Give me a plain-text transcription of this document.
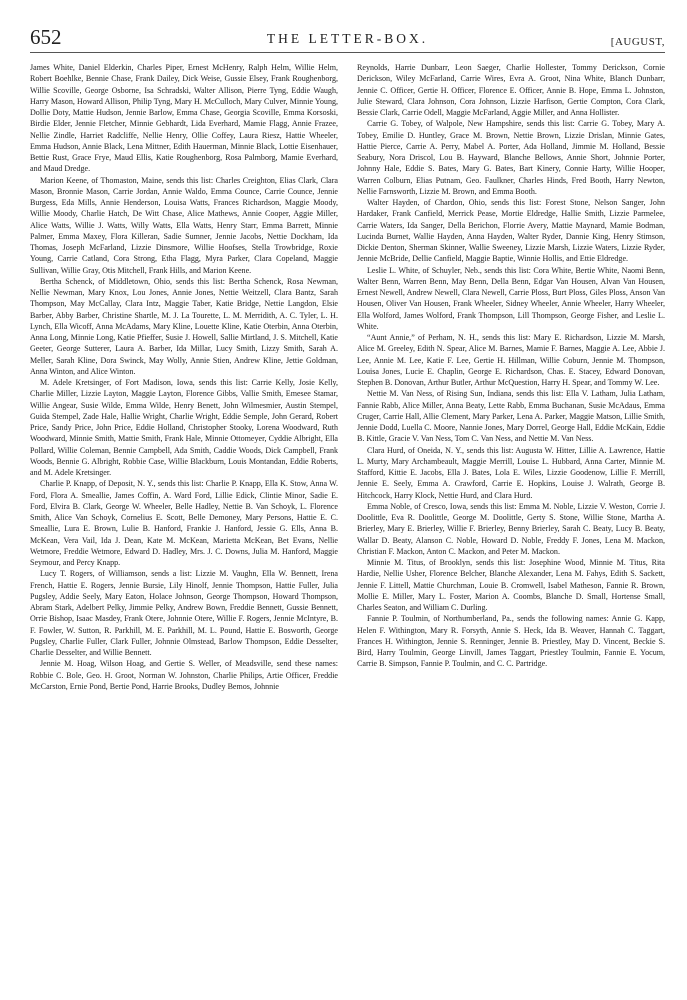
652	THE LETTER-BOX.	[AUGUST,

James White, Daniel Elderkin, Charles Piper, Ernest McHenry, Ralph Helm, Willie Helm, Robert Boehlke, Bennie Chase, Frank Dailey, Dick Weise, Gussie Elsey, Frank Roughenborg, Willie Scoville, George Osborne, Isa Schradski, Walter Allison, Pierre Tyng, Eddie Waugh, Harry Mason, Howard Allison, Philip Tyng, Mary H. McCulloch, Mary Culver, Minnie Young, Dollie Doty, Mattie Hudson, Jennie Barlow, Emma Chase, Georgia Scoville, Emma Korsoski, Birdie Elder, Jennie Fletcher, Minnie Gebhardt, Lida Everhard, Mamie Flagg, Annie Frazee, Nellie Zindle, Harriet Radcliffe, Nellie Henry, Ollie Coffey, Laura Riesz, Hattie Wheeler, Emma Hudson, Annie Black, Lena Mittner, Edith Hauerman, Minnie Black, Lottie Eisenhauer, Bettie Rust, Grace Frye, Maud Ellis, Katie Roughenborg, Rosa Palmborg, Mamie Everhard, and Maud Dredge.

Marion Keene, of Thomaston, Maine, sends this list: Charles Creighton, Elias Clark, Clara Mason, Bronnie Mason, Carrie Jordan, Annie Waldo, Emma Counce, Carrie Counce, Jennie Burgess, Eda Mills, Annie Henderson, Louisa Watts, Frances Richardson, Maggie Moody, Willie Moody, Charlie Hatch, De Witt Chase, Alice Mathews, Annie Cooper, Aggie Miller, Alice Watts, Willie J. Watts, Willy Watts, Ella Watts, Henry Starr, Emma Barrett, Minnie Palmer, Emma Maxey, Flora Killeran, Sadie Sumner, Jennie Jacobs, Nettie Dockham, Ida Thomas, Joseph McFarland, Lizzie Dinsmore, Willie Hoofses, Stella Trowbridge, Roxie Young, Carrie Catland, Cora Strong, Etha Flagg, Myra Parker, Clara Copeland, Maggie Sullivan, Willie Gray, Otis Mitchell, Frank Hills, and Marion Keene.

Bertha Schenck, of Middletown, Ohio, sends this list: Bertha Schenck, Rosa Newman, Nellie Newman, Mary Knox, Lou Jones, Annie Jones, Nettie Weitzell, Clara Bantz, Sarah Thompson, May McCallay, Clara Intz, Maggie Taber, Katie Bridge, Nettie Langdon, Elsie Barber, Abby Barber, Christine Shartle, M. J. La Tourette, L. M. Merridith, A. C. Tyler, L. H. Lynch, Ella Wicoff, Anna McAdams, Mary Kline, Louette Kline, Katie Oterbin, Anna Oterbin, Anna Long, Minnie Long, Katie Pfieffer, Susie J. Howell, Sallie Mirtland, J. S. Mitchell, Katie Geeter, George Sutterer, Laura A. Barber, Ida Millar, Lucy Smith, Lizzy Smith, Sarah A. Meller, Sarah Kline, Dora Swinck, May Wolly, Annie Stien, Andrew Kline, Jettie Goldman, Anna Winton, and Alice Winton.

M. Adele Kretsinger, of Fort Madison, Iowa, sends this list: Carrie Kelly, Josie Kelly, Charlie Miller, Lizzie Layton, Maggie Layton, Florence Gibbs, Vallie Smith, Emesee Stamar, Willie Angear, Susie Wilde, Emma Wilde, Henry Benett, John Wilmesmier, Austin Stempel, Guida Stempel, Zade Hale, Hallie Wright, Charlie Wright, Eddie Semple, John Gerard, Robert Price, Sandy Price, John Price, Eddie Holland, Christopher Stooky, Lorena Woodward, Ruth Woodward, Minnie Smith, Mattie Smith, Frank Hale, Minnie Ottomeyer, Cyddie Albright, Ella Pollard, Willie Coleman, Bennie Campbell, Ada Smith, Caddie Woods, Dick Campbell, Frank Woods, Bennie G. Albright, Robbie Case, Willie Blackburn, Louis Montandan, Eddie Roberts, and M. Adele Kretsinger.

Charlie P. Knapp, of Deposit, N. Y., sends this list: Charlie P. Knapp, Ella K. Stow, Anna W. Ford, Flora A. Smeallie, James Coffin, A. Ward Ford, Lillie Edick, Clintie Minor, Sadie E. Ford, Elvira B. Clark, George W. Wheeler, Belle Hadley, Nettie B. Van Schoyk, L. Florence Smith, Alice Van Schoyk, Cornelius E. Scott, Belle Demoney, Mary Persons, Hattie E. C. Smeallie, Lura E. Brown, Lulie B. Hanford, Frankie J. Hanford, Jessie G. Ells, Anna B. McKean, Vera Vail, Ida J. Dean, Kate M. McKean, Marietta McKean, Bet Evans, Nellie Wetmore, Freddie Wetmore, Edward D. Hadley, Mrs. J. C. Downs, Julia M. Hanford, Maggie Seymour, and Percy Knapp.

Lucy T. Rogers, of Williamson, sends a list: Lizzie M. Vaughn, Ella W. Bennett, Irena French, Hattie E. Rogers, Jennie Bursie, Lily Hinolf, Jennie Thompson, Hattie Fuller, Julia Pugsley, Addie Seely, Mary Eaton, Holace Johnson, George Thompson, Howard Thompson, Abram Stark, Adelbert Pelky, Jimmie Pelky, Andrew Bown, Freddie Bennett, Gussie Bennett, Orrie Bishop, Isaac Masdey, Frank Otere, Johnnie Otere, Willie F. Rogers, Jennie McIntyre, B. F. Fowler, W. Sutton, R. Parkhill, M. E. Parkhill, M. L. Pound, Hattie E. Bosworth, George Pugsley, Charlie Fuller, Clark Fuller, Johnnie Olmstead, Barlow Thompson, Eddie Desselter, Charlie Desselter, and Willie Bennett.

Jennie M. Hoag, Wilson Hoag, and Gertie S. Weller, of Meadsville, send these names: Robbie C. Bole, Geo. H. Groot, Norman W. Johnston, Charlie Philips, Artie Officer, Freddie McCarston, Ernie Pond, Bertie Pond, Harrie Brooks, Dudley Bemos, Johnnie

Reynolds, Harrie Dunbarr, Leon Saeger, Charlie Hollester, Tommy Derickson, Cornie Derickson, Wiley McFarland, Carrie Wires, Evra A. Groot, Nina White, Blanch Dunbarr, Jennie C. Officer, Gertie H. Officer, Florence E. Officer, Annie B. Hope, Emma L. Johnston, Julie Steward, Clara Johnson, Cora Johnson, Lizzie Harfison, Gertie Compton, Cora Clark, Bessie Clark, Carrie Odell, Maggie McFarland, Aggie Miller, and Anna Hollister.

Carrie G. Tobey, of Walpole, New Hampshire, sends this list: Carrie G. Tobey, Mary A. Tobey, Emilie D. Huntley, Grace M. Brown, Nettie Brown, Lizzie Drislan, Minnie Gates, Hattie Pierce, Carrie A. Perry, Mabel A. Porter, Ada Holland, Jimmie M. Holland, Bessie Seabury, Nora Driscol, Lou B. Hayward, Blanche Bellows, Annie Short, Johnnie Porter, Johnny Hale, Eddie S. Bates, Mary G. Bates, Bart Kinery, Connie Harty, Willie Hooper, Warren Colburn, Elias Putnam, Geo. Faulkner, Charles Hinds, Fred Booth, Harry Newton, Nellie Farnsworth, Lizzie M. Brown, and Emma Booth.

Walter Hayden, of Chardon, Ohio, sends this list: Forest Stone, Nelson Sanger, John Hardaker, Frank Canfield, Merrick Pease, Mortie Eldredge, Hallie Smith, Lizzie Parmelee, Carrie Waters, Ida Sanger, Della Berichon, Florrie Avery, Mattie Maynard, Mamie Bodman, Lucinda Burnet, Wallie Hayden, Anna Hayden, Walter Ryder, Dannie King, Henry Stimson, Dickie Denton, Sherman Skinner, Wallie Sweeney, Lizzie Marsh, Lizzie Waters, Lizzie Ryder, Jennie McBride, Dellie Canfield, Maggie Baptie, Winnie Hollis, and Ettie Eldredge.

Leslie L. White, of Schuyler, Neb., sends this list: Cora White, Bertie White, Naomi Benn, Walter Benn, Warren Benn, May Benn, Della Benn, Edgar Van Housen, Alvan Van Housen, Ernest Newell, Andrew Newell, Clara Newell, Carrie Ploss, Burt Ploss, Giles Ploss, Anson Van Housen, Oliver Van Housen, Frank Wheeler, Sidney Wheeler, Annie Wheeler, Harry Wheeler, Ella Wolford, James Wolford, Frank Thompson, Lill Thompson, George Fisher, and Leslie L. White.

“Aunt Annie,” of Perham, N. H., sends this list: Mary E. Richardson, Lizzie M. Marsh, Alice M. Greeley, Edith N. Spear, Alice M. Barnes, Mamie F. Barnes, Maggie A. Lee, Abbie J. Lee, Annie M. Lee, Katie F. Lee, Gertie H. Hillman, Willie Coburn, Jennie M. Thompson, Louisa Jones, Lucie E. Chaplin, George E. Richardson, Chas. E. Stacey, Edward Donovan, Stephen B. Donovan, Arthur Butler, Arthur McQuestion, Harry H. Spear, and Tommy W. Lee.

Nettie M. Van Ness, of Rising Sun, Indiana, sends this list: Ella V. Latham, Julia Latham, Fannie Rabb, Alice Miller, Anna Beaty, Lette Rabb, Emma Buchanan, Susie McAdaus, Emma Cruger, Carrie Hall, Allie Clement, Mary Parker, Lena A. Parker, Maggie Matson, Lillie Smith, Jennie Dodd, Luella C. Moore, Nannie Jones, Mary Dorrel, George Hall, Eddie McKain, Eddie B. Kittle, Gracie V. Van Ness, Tom C. Van Ness, and Nettie M. Van Ness.

Clara Hurd, of Oneida, N. Y., sends this list: Augusta W. Hitter, Lillie A. Lawrence, Hattie L. Murty, Mary Archambeault, Maggie Merrill, Louise L. Hubbard, Anna Carter, Minnie M. Stafford, Kittie E. Jacobs, Ella J. Bates, Lola E. Wiles, Lizzie Goodenow, Lillie F. Merrill, Jennie E. Seely, Emma A. Crawford, Carrie E. Hopkins, Louise J. Walrath, George B. Hitchcock, Harry Klock, Nettie Hurd, and Clara Hurd.

Emma Noble, of Cresco, Iowa, sends this list: Emma M. Noble, Lizzie V. Weston, Corrie J. Doolittle, Eva R. Doolittle, George M. Doolittle, Gerty S. Stone, Willie Stone, Martha A. Brierley, Mary E. Brierley, Willie F. Brierley, Benny Brierley, Sarah C. Beaty, Lucy B. Beaty, Wallar D. Beaty, Alanson C. Noble, Howard D. Noble, Freddy F. Jones, Lena M. Mackon, Christian F. Mackon, Anton C. Mackon, and Peter M. Mackon.

Minnie M. Titus, of Brooklyn, sends this list: Josephine Wood, Minnie M. Titus, Rita Hardie, Nellie Usher, Florence Belcher, Blanche Alexander, Lena M. Fahys, Edith S. Sackett, Jennie F. Littell, Mattie Churchman, Louie B. Cromwell, Isabel Matheson, Fannie R. Brown, Mollie E. Miller, Mary L. Foster, Marion A. Coombs, Blanche D. Small, Hortense Small, Charles Seaton, and William C. Durling.

Fannie P. Toulmin, of Northumberland, Pa., sends the following names: Annie G. Kapp, Helen F. Withington, Mary R. Forsyth, Annie S. Heck, Ida B. Weaver, Hannah C. Taggart, Frances H. Withington, Jennie S. Renninger, Jennie B. Priestley, May D. Vincent, Beckie S. Bird, Harry Toulmin, George Linvill, James Taggart, Priestley Toulmin, Fannie E. Yocum, Carrie B. Simpson, Fannie P. Toulmin, and C. C. Partridge.
